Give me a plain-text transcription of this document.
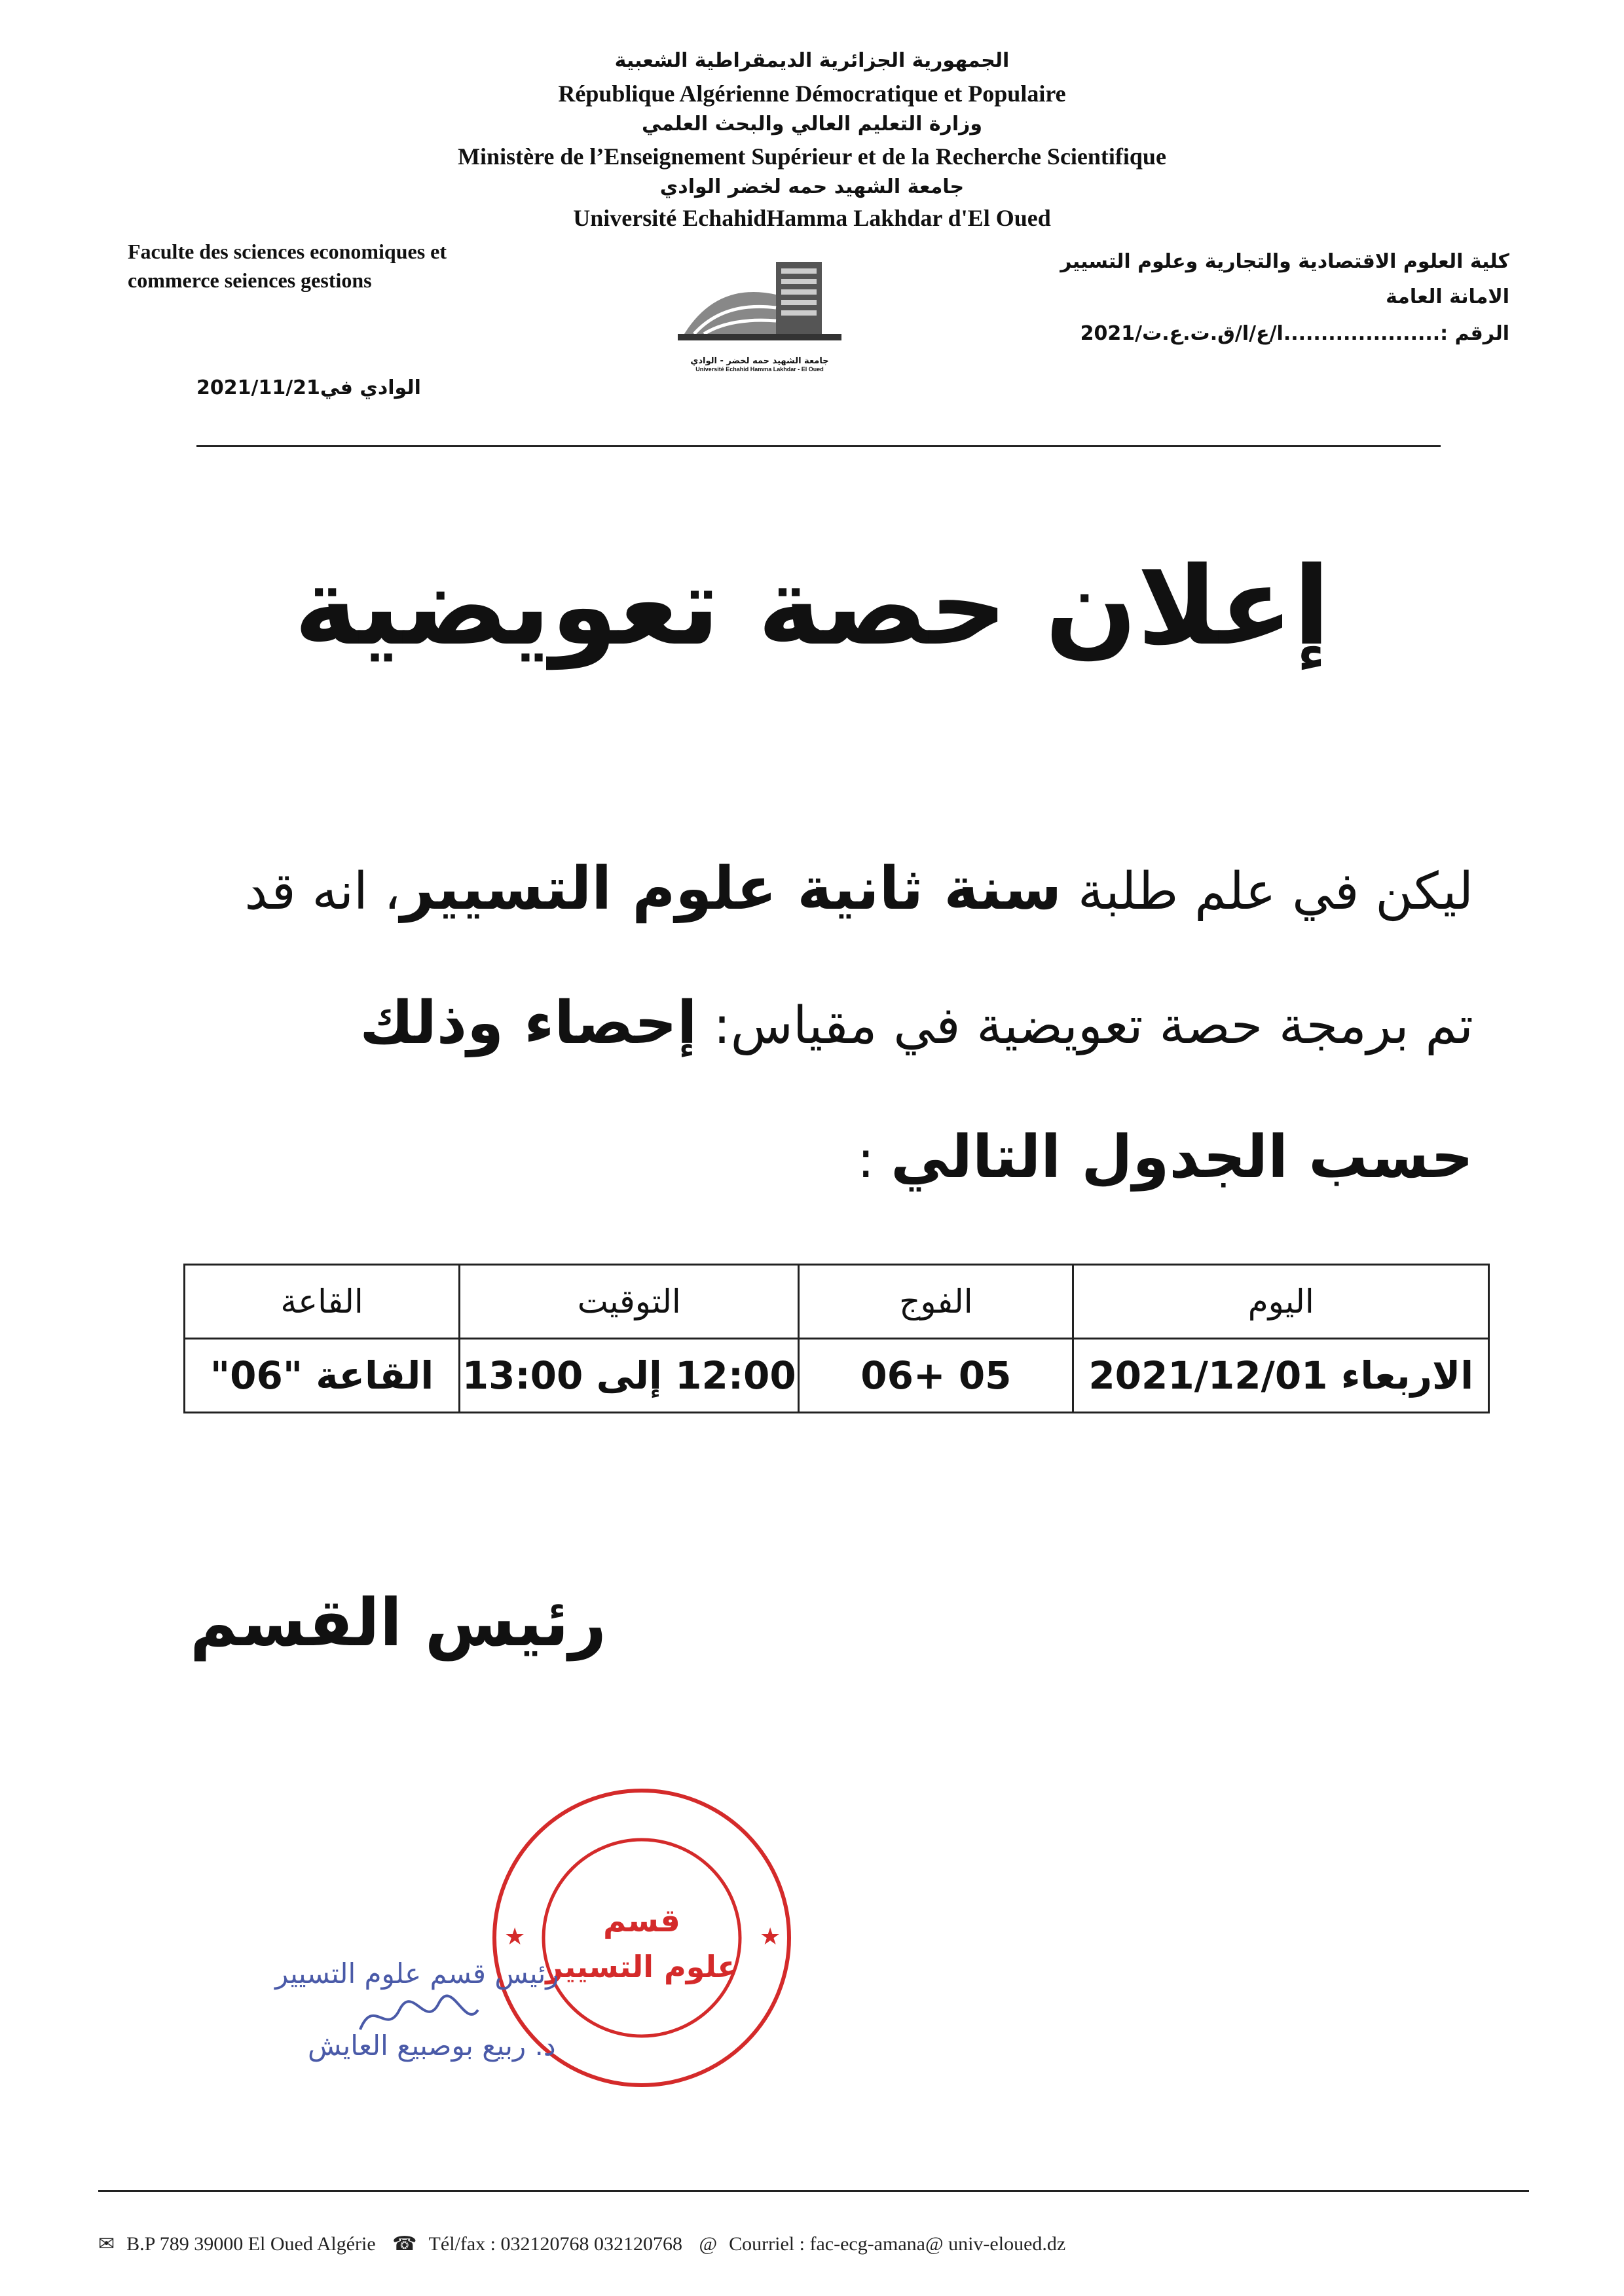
الجمهورية الجزائرية الديمقراطية الشعبية
République Algérienne Démocratique et Populaire
وزارة التعليم العالي والبحث العلمي
Ministère de l’Enseignement Supérieur et de la Recherche Scientifique
جامعة الشهيد حمه لخضر الوادي
Université EchahidHamma Lakhdar d'El Oued
Faculte des sciences economiques et
commerce seiences gestions
كلية العلوم الاقتصادية والتجارية وعلوم التسيير
الامانة العامة
الرقم :.....................ا/ع/ا/ق.ت.ع.ت/2021
جامعة الشهيد حمه لخضر - الوادي
Université Echahid Hamma Lakhdar - El Oued
الوادي في2021/11/21
إعلان حصة تعويضية
ليكن في علم طلبة سنة ثانية علوم التسيير، انه قد
تم برمجة حصة تعويضية في مقياس: إحصاء وذلك
حسب الجدول التالي :
اليوم	الفوج	التوقيت	القاعة
الاربعاء 2021/12/01	05 +06	12:00 إلى 13:00	القاعة "06"
رئيس القسم
قسم
علوم التسيير
★	★
رئيس قسم علوم التسيير
د. ربيع بوصبيع العايش
✉ B.P 789 39000 El Oued Algérie ☎ Tél/fax : 032120768 032120768 @ Courriel : fac-ecg-amana@ univ-eloued.dz
